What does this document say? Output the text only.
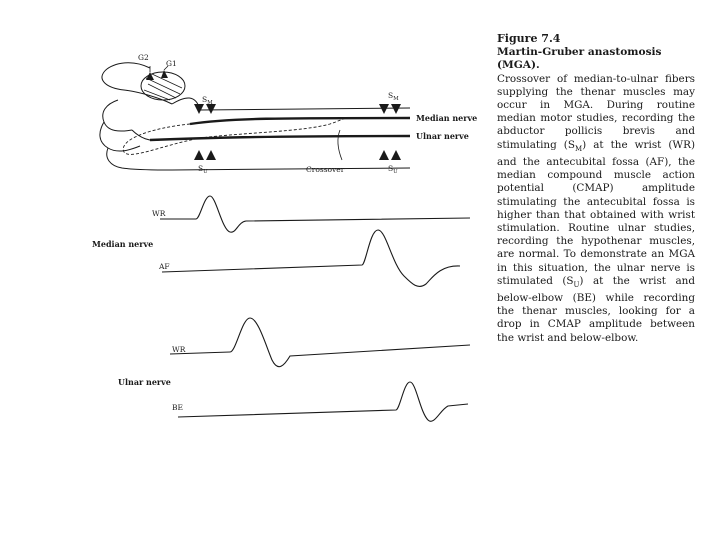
G2
G1
$S_M$
$S_M$
$S_U$	$S_U$
Median nerve
Ulnar nerve
Crossover
WR
Median nerve
AF
WR
Ulnar nerve
BE
Figure 7.4
Martin-Gruber anastomosis (MGA).
Crossover of median-to-ulnar fibers supplying the thenar muscles may occur in MGA. During routine median motor studies, recording the abductor pollicis brevis and stimulating $(S_M)$ at the wrist (WR) and the antecubital fossa (AF), the median compound muscle action potential (CMAP) amplitude stimulating the antecubital fossa is higher than that obtained with wrist stimulation. Routine ulnar studies, recording the hypothenar muscles, are normal. To demonstrate an MGA in this situation, the ulnar nerve is stimulated $(S_U)$ at the wrist and below-elbow (BE) while recording the thenar muscles, looking for a drop in CMAP amplitude between the wrist and below-elbow.
